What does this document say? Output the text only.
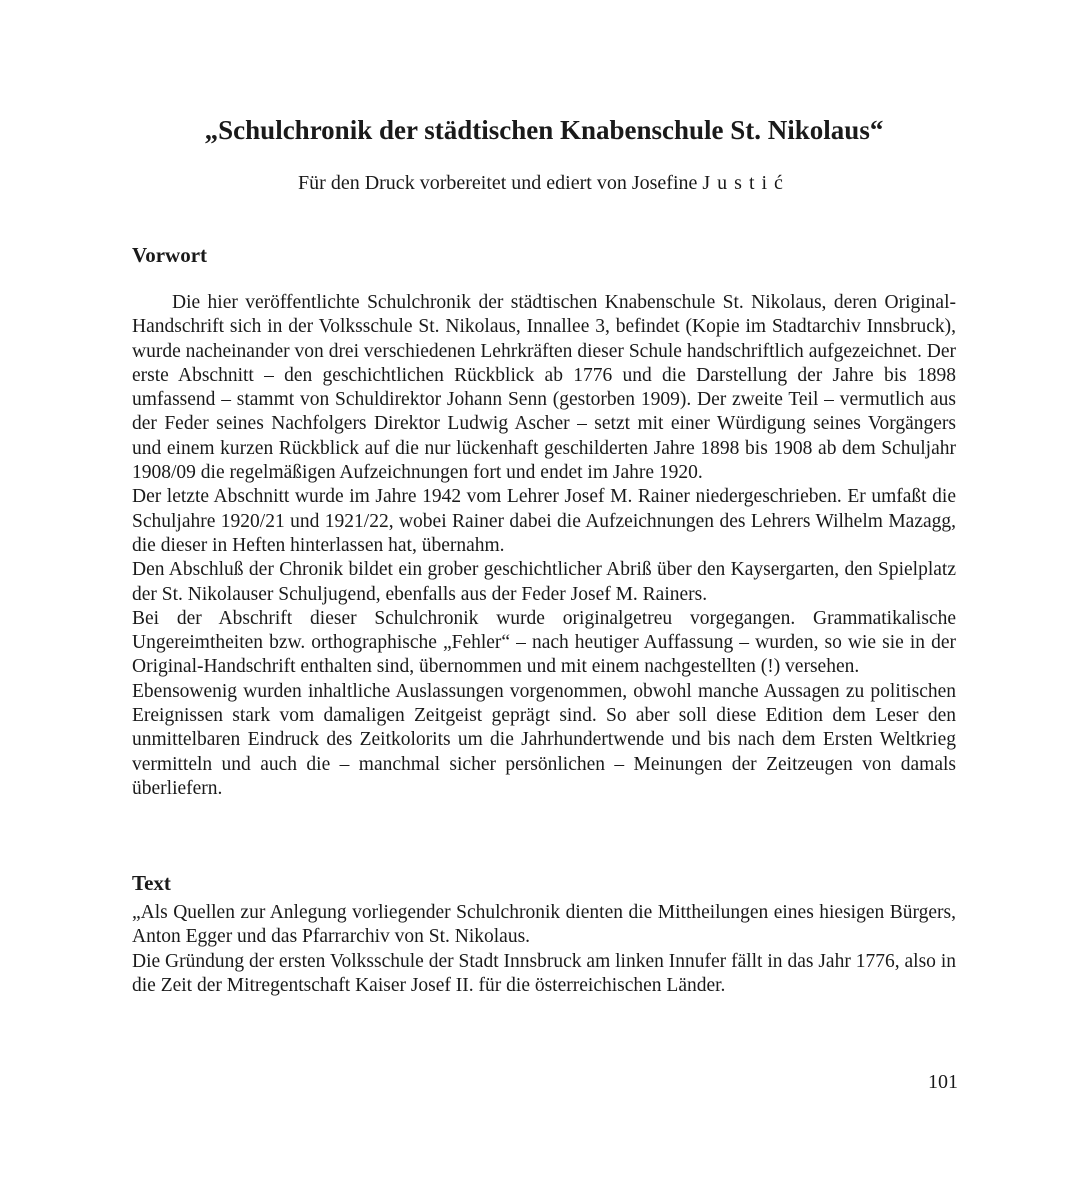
„Schulchronik der städtischen Knabenschule St. Nikolaus“
Für den Druck vorbereitet und ediert von Josefine Justić
Vorwort

Die hier veröffentlichte Schulchronik der städtischen Knabenschule St. Nikolaus, deren Original-Handschrift sich in der Volksschule St. Nikolaus, Innallee 3, befindet (Kopie im Stadtarchiv Innsbruck), wurde nacheinander von drei verschiedenen Lehrkräften dieser Schule handschriftlich aufgezeichnet. Der erste Abschnitt – den geschichtlichen Rückblick ab 1776 und die Darstellung der Jahre bis 1898 umfassend – stammt von Schuldirektor Johann Senn (gestorben 1909). Der zweite Teil – vermutlich aus der Feder seines Nachfolgers Direktor Ludwig Ascher – setzt mit einer Würdigung seines Vorgängers und einem kurzen Rückblick auf die nur lückenhaft geschilderten Jahre 1898 bis 1908 ab dem Schuljahr 1908/09 die regelmäßigen Aufzeichnungen fort und endet im Jahre 1920.

Der letzte Abschnitt wurde im Jahre 1942 vom Lehrer Josef M. Rainer niedergeschrieben. Er umfaßt die Schuljahre 1920/21 und 1921/22, wobei Rainer dabei die Aufzeichnungen des Lehrers Wilhelm Mazagg, die dieser in Heften hinterlassen hat, übernahm.

Den Abschluß der Chronik bildet ein grober geschichtlicher Abriß über den Kaysergarten, den Spielplatz der St. Nikolauser Schuljugend, ebenfalls aus der Feder Josef M. Rainers.

Bei der Abschrift dieser Schulchronik wurde originalgetreu vorgegangen. Grammatikalische Ungereimtheiten bzw. orthographische „Fehler“ – nach heutiger Auffassung – wurden, so wie sie in der Original-Handschrift enthalten sind, übernommen und mit einem nachgestellten (!) versehen.

Ebensowenig wurden inhaltliche Auslassungen vorgenommen, obwohl manche Aussagen zu politischen Ereignissen stark vom damaligen Zeitgeist geprägt sind. So aber soll diese Edition dem Leser den unmittelbaren Eindruck des Zeitkolorits um die Jahrhundertwende und bis nach dem Ersten Weltkrieg vermitteln und auch die – manchmal sicher persönlichen – Meinungen der Zeitzeugen von damals überliefern.

Text

„Als Quellen zur Anlegung vorliegender Schulchronik dienten die Mittheilungen eines hiesigen Bürgers, Anton Egger und das Pfarrarchiv von St. Nikolaus.

Die Gründung der ersten Volksschule der Stadt Innsbruck am linken Innufer fällt in das Jahr 1776, also in die Zeit der Mitregentschaft Kaiser Josef II. für die österreichischen Länder.

101
